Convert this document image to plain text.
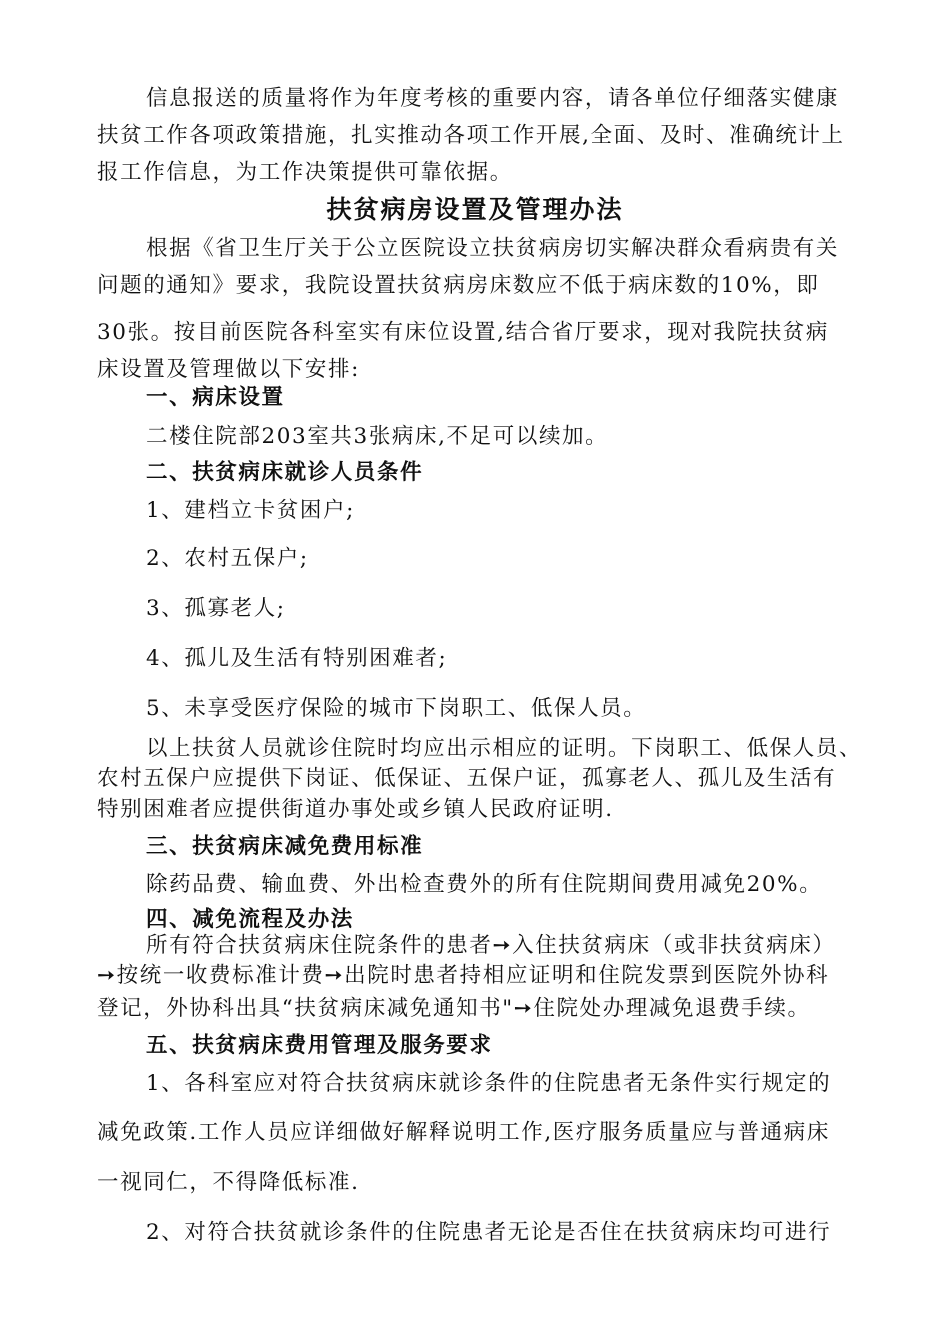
信息报送的质量将作为年度考核的重要内容，请各单位仔细落实健康
扶贫工作各项政策措施，扎实推动各项工作开展,全面、及时、准确统计上
报工作信息，为工作决策提供可靠依据。
扶贫病房设置及管理办法
根据《省卫生厅关于公立医院设立扶贫病房切实解决群众看病贵有关
问题的通知》要求，我院设置扶贫病房床数应不低于病床数的10%，即
30张。按目前医院各科室实有床位设置,结合省厅要求，现对我院扶贫病
床设置及管理做以下安排:
一、病床设置
二楼住院部203室共3张病床,不足可以续加。
二、扶贫病床就诊人员条件
1、建档立卡贫困户;
2、农村五保户;
3、孤寡老人;
4、孤儿及生活有特别困难者;
5、未享受医疗保险的城市下岗职工、低保人员。
以上扶贫人员就诊住院时均应出示相应的证明。下岗职工、低保人员、
农村五保户应提供下岗证、低保证、五保户证，孤寡老人、孤儿及生活有
特别困难者应提供街道办事处或乡镇人民政府证明.
三、扶贫病床减免费用标准
除药品费、输血费、外出检查费外的所有住院期间费用减免20%。
四、减免流程及办法
所有符合扶贫病床住院条件的患者➙入住扶贫病床（或非扶贫病床）
➙按统一收费标准计费➙出院时患者持相应证明和住院发票到医院外协科
登记，外协科出具“扶贫病床减免通知书"➙住院处办理减免退费手续。
五、扶贫病床费用管理及服务要求
1、各科室应对符合扶贫病床就诊条件的住院患者无条件实行规定的
减免政策.工作人员应详细做好解释说明工作,医疗服务质量应与普通病床
一视同仁，不得降低标准.
2、对符合扶贫就诊条件的住院患者无论是否住在扶贫病床均可进行
